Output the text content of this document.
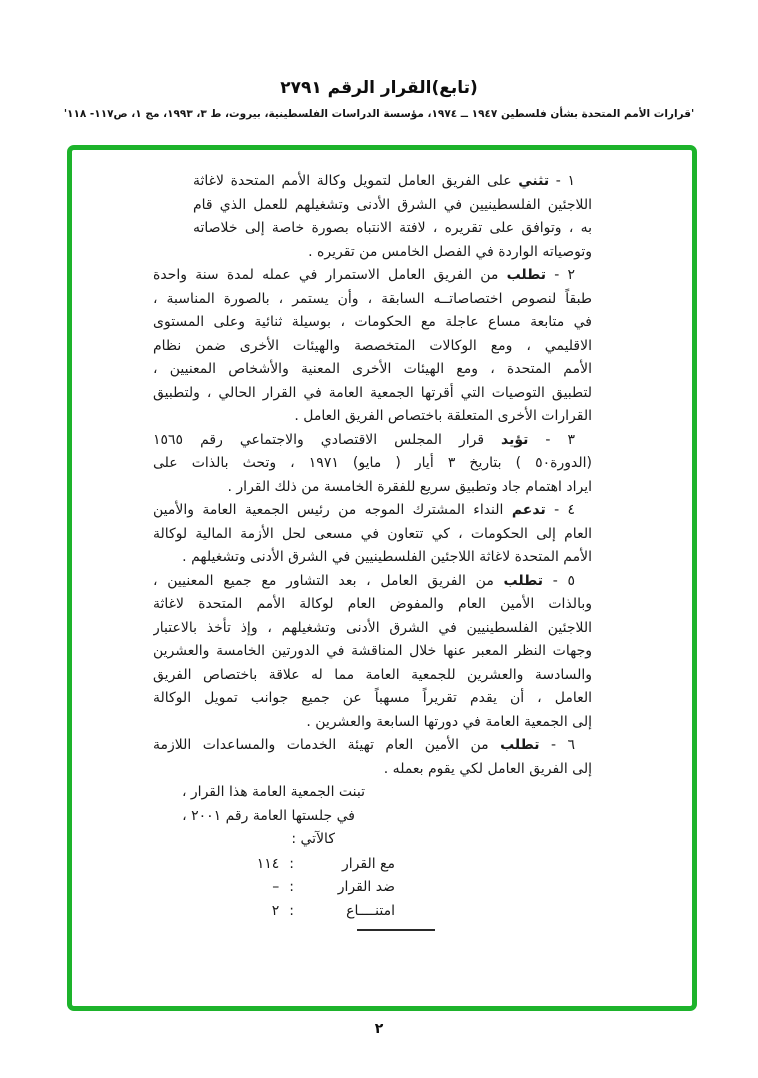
(تابع)القرار الرقم ٢٧٩١
'قرارات الأمم المتحدة بشأن فلسطين ١٩٤٧ ــ ١٩٧٤، مؤسسة الدراسات الفلسطينية، بيروت، ط ٣، ١٩٩٣، مج ١، ص١١٧- ١١٨'
١ - تثني على الفريق العامل لتمويل وكالة الأمم المتحدة لاغاثة
اللاجئين الفلسطينيين في الشرق الأدنى وتشغيلهم للعمل الذي قام
به ، وتوافق على تقريره ، لافتة الانتباه بصورة خاصة إلى خلاصاته
وتوصياته الواردة في الفصل الخامس من تقريره .
٢ - تطلب من الفريق العامل الاستمرار في عمله لمدة سنة واحدة
طبقاً لنصوص اختصاصاتــه السابقة ، وأن يستمر ، بالصورة المناسبة ،
في متابعة مساع عاجلة مع الحكومات ، بوسيلة ثنائية وعلى المستوى
الاقليمي ، ومع الوكالات المتخصصة والهيئات الأخرى ضمن نظام
الأمم المتحدة ، ومع الهيئات الأخرى المعنية والأشخاص المعنيين ،
لتطبيق التوصيات التي أقرتها الجمعية العامة في القرار الحالي ، ولتطبيق
القرارات الأخرى المتعلقة باختصاص الفريق العامل .
٣ - تؤيد قرار المجلس الاقتصادي والاجتماعي رقم ١٥٦٥
(الدورة٥٠ ) بتاريخ ٣ أيار ( مايو) ١٩٧١ ، وتحث بالذات على
ايراد اهتمام جاد وتطبيق سريع للفقرة الخامسة من ذلك القرار .
٤ - تدعم النداء المشترك الموجه من رئيس الجمعية العامة والأمين
العام إلى الحكومات ، كي تتعاون في مسعى لحل الأزمة المالية لوكالة
الأمم المتحدة لاغاثة اللاجئين الفلسطينيين في الشرق الأدنى وتشغيلهم .
٥ - تطلب من الفريق العامل ، بعد التشاور مع جميع المعنيين ،
وبالذات الأمين العام والمفوض العام لوكالة الأمم المتحدة لاغاثة
اللاجئين الفلسطينيين في الشرق الأدنى وتشغيلهم ، وإذ تأخذ بالاعتبار
وجهات النظر المعبر عنها خلال المناقشة في الدورتين الخامسة والعشرين
والسادسة والعشرين للجمعية العامة مما له علاقة باختصاص الفريق
العامل ، أن يقدم تقريراً مسهباً عن جميع جوانب تمويل الوكالة
إلى الجمعية العامة في دورتها السابعة والعشرين .
٦ - تطلب من الأمين العام تهيئة الخدمات والمساعدات اللازمة
إلى الفريق العامل لكي يقوم بعمله .
تبنت الجمعية العامة هذا القرار ،
في جلستها العامة رقم ٢٠٠١ ،
كالآتي :
مع القرار
:
١١٤
ضد القرار
:
–
امتنــــاع
:
٢
٢
